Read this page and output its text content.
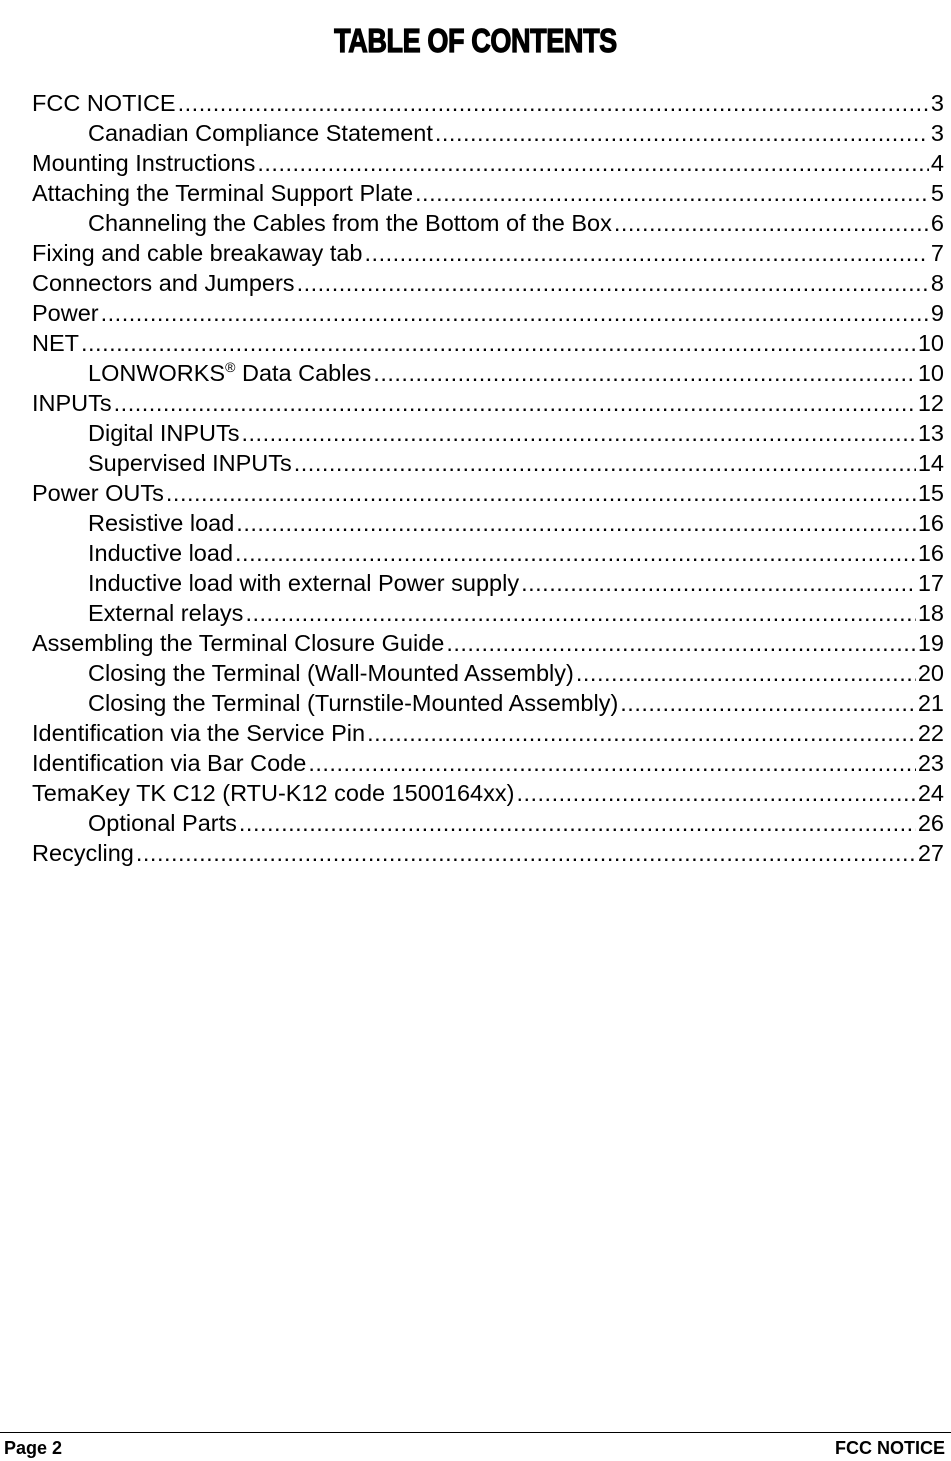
TABLE OF CONTENTS
FCC NOTICE .....	3
Canadian Compliance Statement .....	3
Mounting Instructions .....	4
Attaching the Terminal Support Plate .....	5
Channeling the Cables from the Bottom of the Box .....	6
Fixing and cable breakaway tab .....	7
Connectors and Jumpers .....	8
Power .....	9
NET .....	10
LONWORKS® Data Cables .....	10
INPUTs .....	12
Digital INPUTs .....	13
Supervised INPUTs .....	14
Power OUTs .....	15
Resistive load .....	16
Inductive load .....	16
Inductive load with external Power supply .....	17
External relays .....	18
Assembling the Terminal Closure Guide .....	19
Closing the Terminal (Wall-Mounted Assembly) .....	20
Closing the Terminal (Turnstile-Mounted Assembly) .....	21
Identification via the Service Pin .....	22
Identification via Bar Code .....	23
TemaKey TK C12 (RTU-K12 code 1500164xx) .....	24
Optional Parts .....	26
Recycling .....	27
Page 2	FCC NOTICE
